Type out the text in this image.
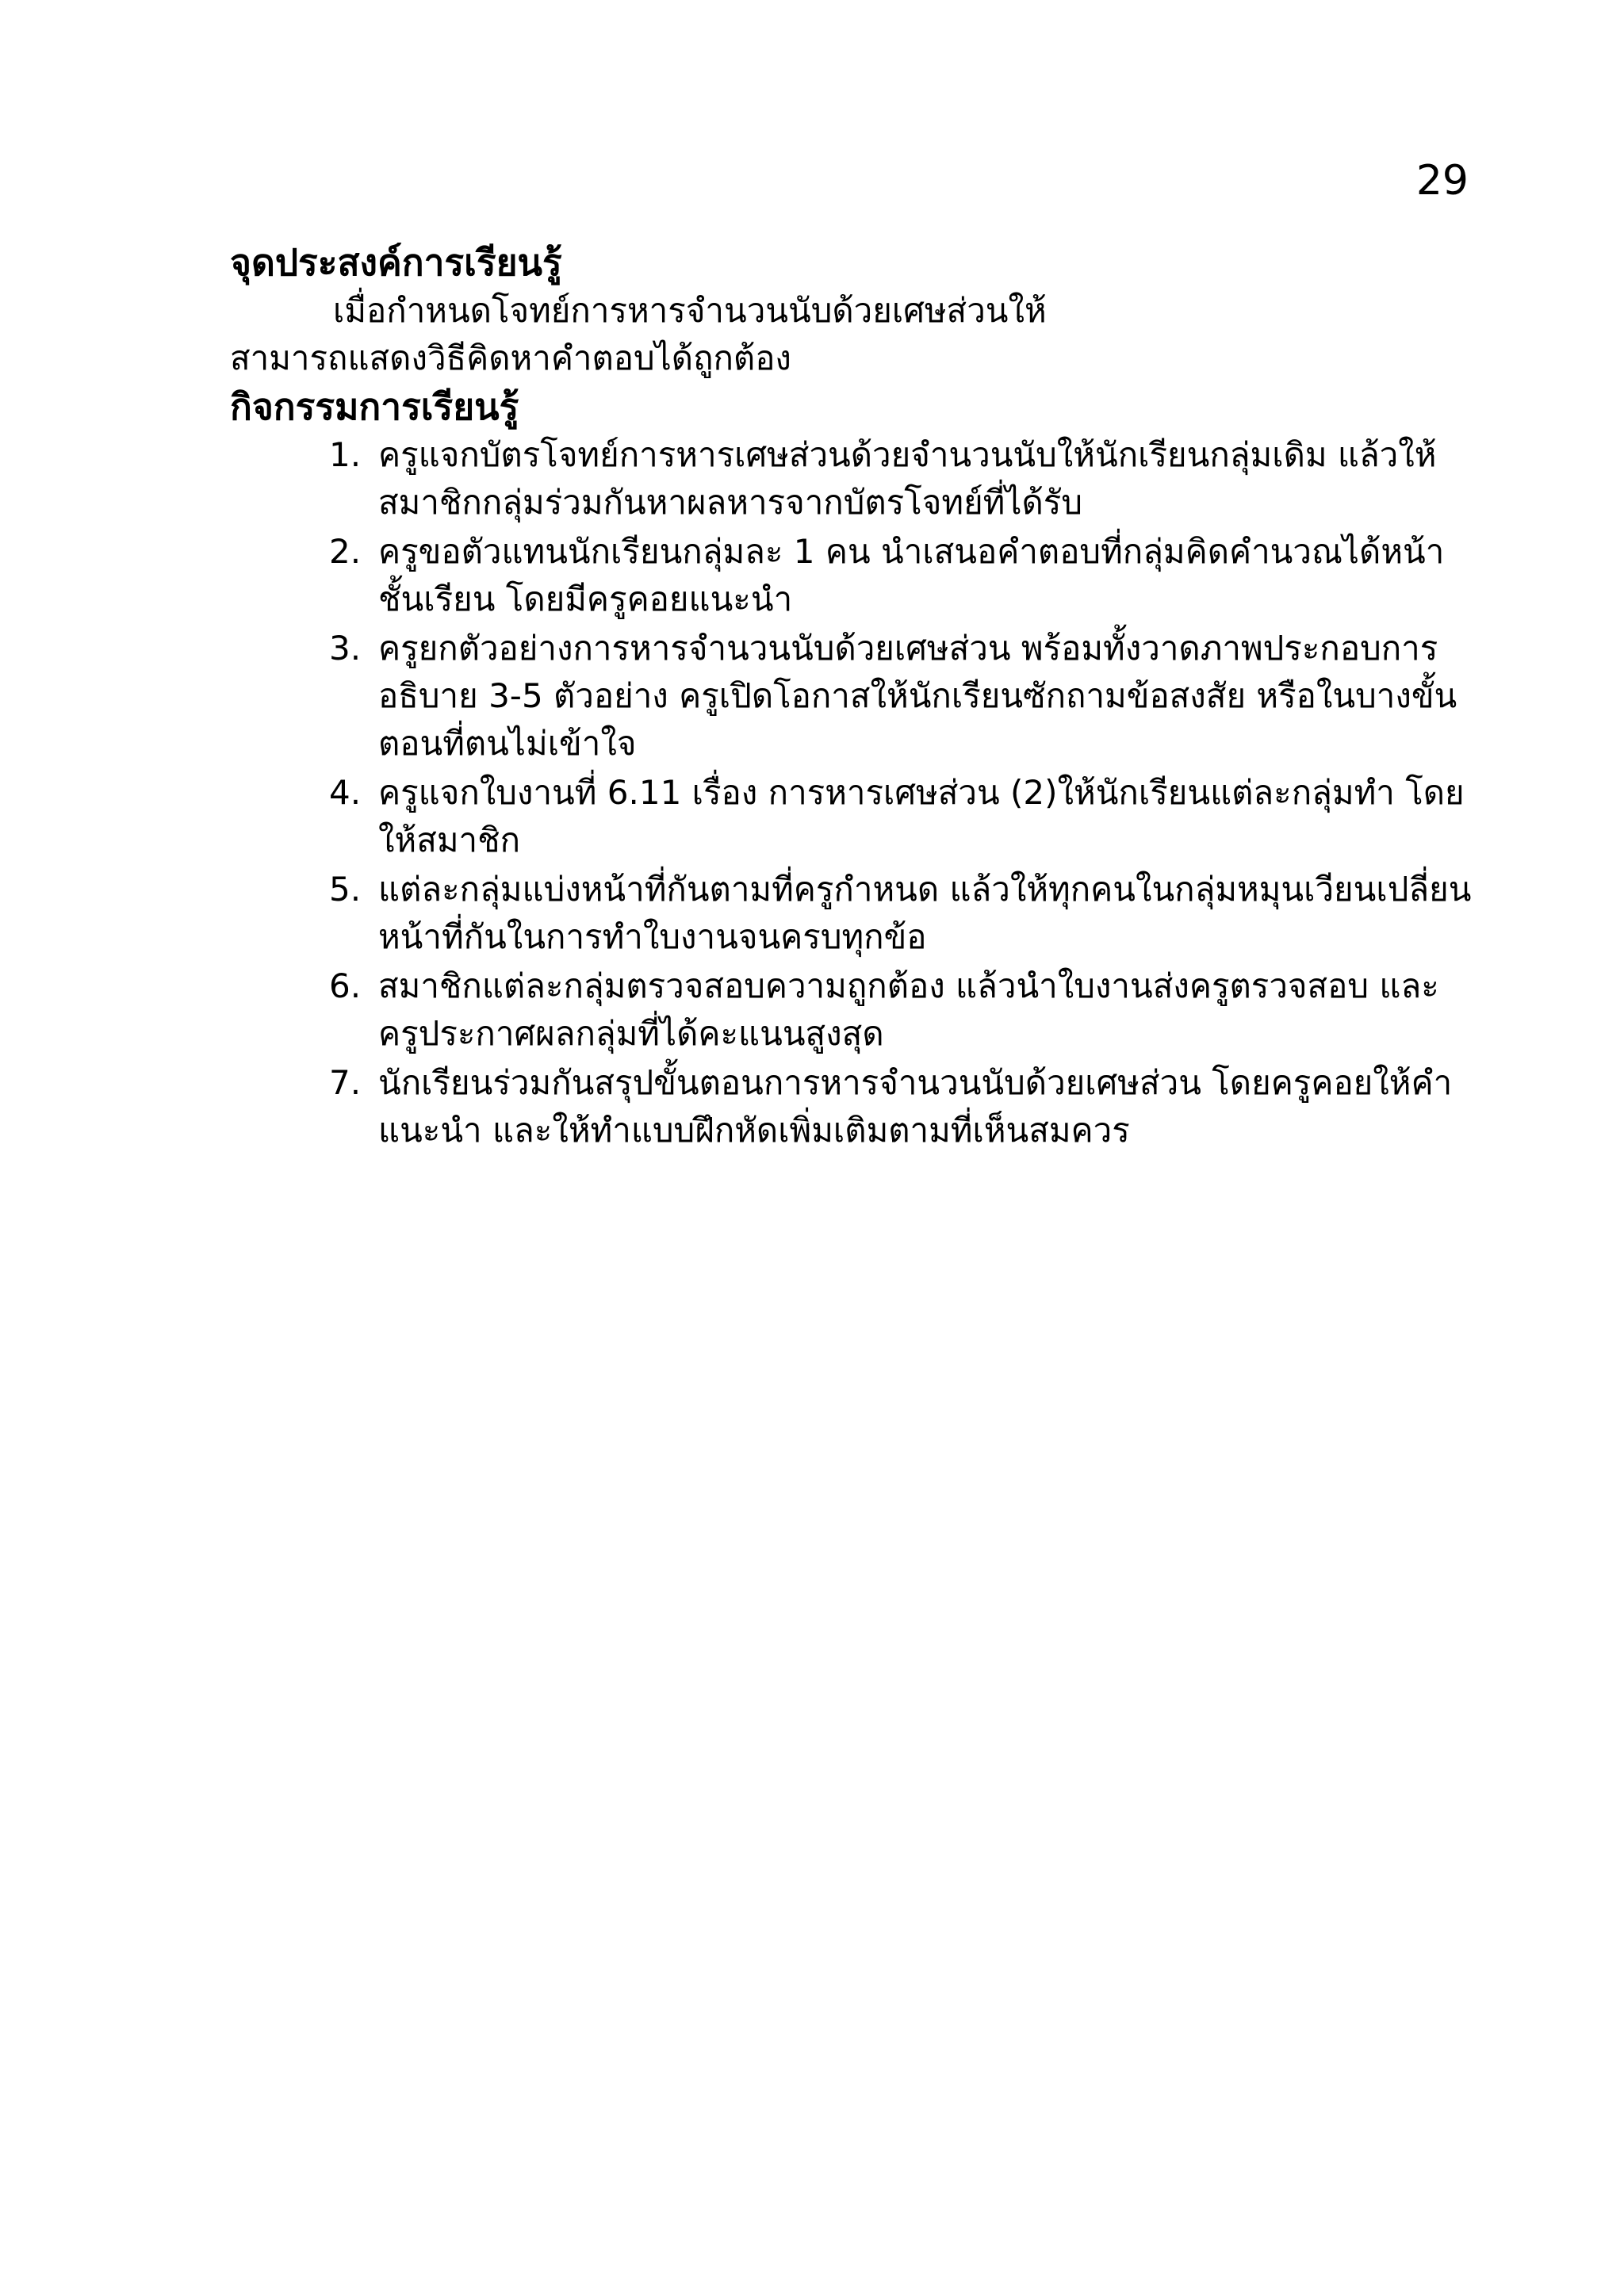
29
จุดประสงค์การเรียนรู้

เมื่อกำหนดโจทย์การหารจำนวนนับด้วยเศษส่วนให้

สามารถแสดงวิธีคิดหาคำตอบได้ถูกต้อง

กิจกรรมการเรียนรู้
1. ครูแจกบัตรโจทย์การหารเศษส่วนด้วยจำนวนนับให้นักเรียนกลุ่มเดิม แล้วให้สมาชิกกลุ่มร่วมกันหาผลหารจากบัตรโจทย์ที่ได้รับ

2. ครูขอตัวแทนนักเรียนกลุ่มละ 1 คน นำเสนอคำตอบที่กลุ่มคิดคำนวณได้หน้าชั้นเรียน โดยมีครูคอยแนะนำ

3. ครูยกตัวอย่างการหารจำนวนนับด้วยเศษส่วน พร้อมทั้งวาดภาพประกอบการอธิบาย 3-5 ตัวอย่าง ครูเปิดโอกาสให้นักเรียนซักถามข้อสงสัย หรือในบางขั้นตอนที่ตนไม่เข้าใจ

4. ครูแจกใบงานที่ 6.11 เรื่อง การหารเศษส่วน (2)ให้นักเรียนแต่ละกลุ่มทำ โดยให้สมาชิก

5. แต่ละกลุ่มแบ่งหน้าที่กันตามที่ครูกำหนด แล้วให้ทุกคนในกลุ่มหมุนเวียนเปลี่ยนหน้าที่กันในการทำใบงานจนครบทุกข้อ

6. สมาชิกแต่ละกลุ่มตรวจสอบความถูกต้อง แล้วนำใบงานส่งครูตรวจสอบ และครูประกาศผลกลุ่มที่ได้คะแนนสูงสุด

7. นักเรียนร่วมกันสรุปขั้นตอนการหารจำนวนนับด้วยเศษส่วน โดยครูคอยให้คำแนะนำ และให้ทำแบบฝึกหัดเพิ่มเติมตามที่เห็นสมควร
